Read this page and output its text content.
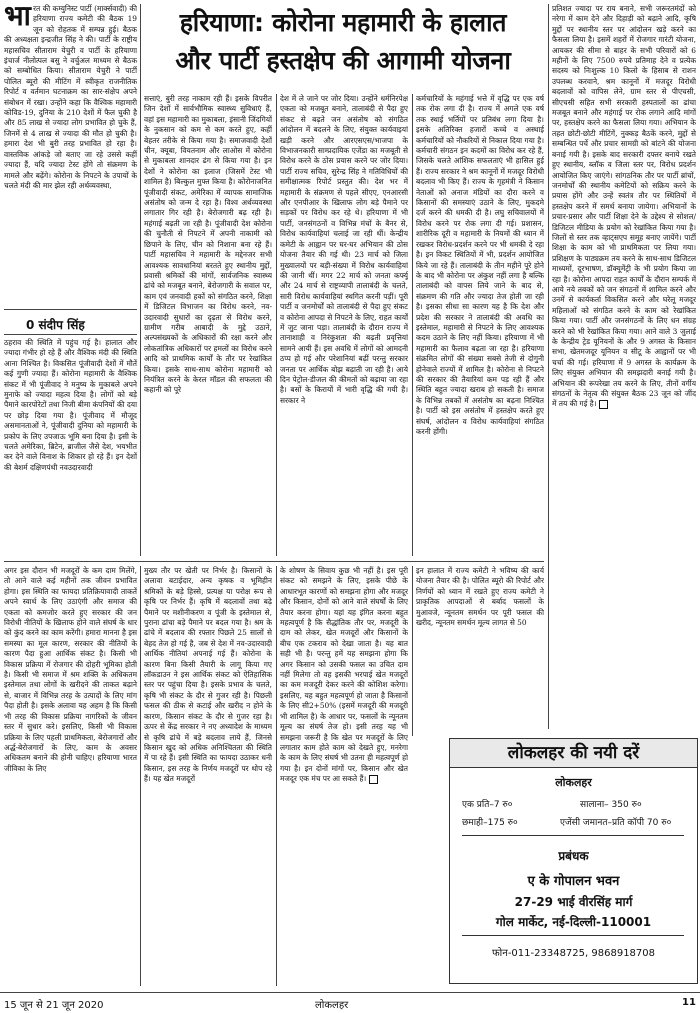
हरियाणा: कोरोना महामारी के हालात
और पार्टी हस्तक्षेप की आगामी योजना
भा रत की कम्युनिस्ट पार्टी (मार्क्सवादी) की हरियाणा राज्य कमेटी की बैठक 19 जून को रोहतक में सम्पन्न हुई। बैठक की अध्यक्षता इन्द्रजीत सिंह ने की। पार्टी के राष्ट्रीय महासचिव सीताराम येचुरी व पार्टी के हरियाणा इंचार्ज नीलोत्पल बसु ने वर्चुअल माध्यम से बैठक को सम्बोधित किया। सीताराम येचुरी ने पार्टी पोलित ब्यूरो की मीटिंग में स्वीकृत राजनीतिक रिपोर्ट व वर्तमान घटनाक्रम का सार-संक्षेप अपने संबोधन में रखा। उन्होंने कहा कि वैश्विक महामारी कोविड-19, दुनिया के 210 देशों में फैल चुकी है और 85 लाख से ज्यादा लोग प्रभावित हो चुके हैं, जिनमें से 4 लाख से ज्यादा की मौत हो चुकी है। हमारा देश भी बुरी तरह प्रभावित हो रहा है। वास्तविक आंकड़े जो बताए जा रहे उससे कहीं ज्यादा हैं, यदि ज्यादा टेस्ट होंगे तो संक्रमण के मामले और बढ़ेंगे। कोरोना के निपटने के उपायों के चलते मंदी की मार झेल रही अर्थव्यवस्था,
0 संदीप सिंह
ठहराव की स्थिति में पहुंच गई है। हालात और ज्यादा गंभीर हो रहे हैं और वैश्विक मंदी की स्थिति आना निश्चित है। विकसित पूंजीवादी देशों में मौतें कई गुणी ज्यादा हैं। कोरोना महामारी के वैश्विक संकट में भी पूंजीवाद ने मनुष्य के मुकाबले अपने मुनाफे को ज्यादा महत्व दिया है। लोगों को बड़े पैमाने कारपोरेटों तथा निजी बीमा कंपनियों की दया पर छोड़ दिया गया है। पूंजीवाद में मौजूद असमानताओं ने, पूंजीवादी दुनिया को महामारी के प्रकोप के लिए उपजाऊ भूमि बना दिया है। इसी के चलते अमेरिका, ब्रिटेन, ब्राजील जैसे देश, भयभीत कर देने वाले विनाश के शिकार हो रहे हैं। इन देशों की बेशर्म दक्षिणपंथी नवउदारवादी
सत्ताएं, बुरी तरह नाकाम रही हैं। इसके विपरीत जिन देशों में सार्वभौमिक स्वास्थ्य सुविधाएं हैं, वहां इस महामारी का मुकाबला, इंसानी जिंदगियों के नुकसान को कम से कम करते हुए, कहीं बेहतर तरीके से किया गया है। समाजवादी देशों चीन, क्यूबा, वियतनाम और लाओस में कोरोना से मुकाबला शानदार ढंग से किया गया है। इन देशों ने कोरोना का इलाज (जिसमें टेस्ट भी शामिल है) बिल्कुल मुफ्त किया है। कोरोनाजनित पूंजीवादी संकट, अमेरिका में व्यापक सामाजिक असंतोष को जन्म दे रहा है। विश्व अर्थव्यवस्था लगातार गिर रही है। बेरोजगारी बढ़ रही है। महंगाई बढ़ती जा रही है। पूंजीवादी देश कोरोना की चुनौती से निपटने में अपनी नाकामी को छिपाने के लिए, चीन को निशाना बना रहे हैं। पार्टी महासचिव ने महामारी के मद्देनजर सभी आवश्यक सावधानियां बरतते हुए स्थानीय मुद्दों, प्रवासी श्रमिकों की मांगों, सार्वजनिक स्वास्थ्य ढांचे को मजबूत बनाने, बेरोजगारी के सवाल पर, काम एवं जनवादी हकों को संगठित करने, शिक्षा में डिजिटल विभाजन का विरोध करने, नव-उदारवादी सुधारों का दृढ़ता से विरोध करने, ग्रामीण गरीब आबादी के मुद्दे उठाने, अल्पसंख्यकों के अधिकारों की रक्षा करने और लोकतांत्रिक अधिकारों पर हमलों का विरोध करने आदि को प्राथमिक कार्यों के तौर पर रेखांकित किया। इसके साथ-साथ कोरोना महामारी को नियंत्रित करने के केरल मॉडल की सफलता की कहानी को पूरे
देश में ले जाने पर जोर दिया। उन्होंने धर्मनिरपेक्ष एकता को मजबूत बनाने, तालाबंदी से पैदा हुए संकट से बढ़ते जन असंतोष को संगठित आंदोलन में बदलने के लिए, संयुक्त कार्यवाइयां खड़ी करने और आरएसएस/भाजपा के विभाजनकारी साम्प्रदायिक एजेंडा का मजबूती से विरोध करने के ठोस प्रयास करने पर जोर दिया। पार्टी राज्य सचिव, सुरेन्द्र सिंह ने गतिविधियों की समीक्षात्मक रिपोर्ट प्रस्तुत की। देश भर में महामारी के संक्रमण से पहले सीएए, एनआरसी और एनपीआर के खिलाफ लोग बड़े पैमाने पर सड़कों पर विरोध कर रहे थे। हरियाणा में भी पार्टी, जनसंगठनों व विभिन्न मंचों के बैनर से, विरोध कार्यवाहियां चलाई जा रही थीं। केन्द्रीय कमेटी के आह्वान पर घर-घर अभियान की ठोस योजना तैयार की गई थी। 23 मार्च को जिला मुख्यालयों पर बड़ी-संख्या में विरोध कार्यवाहियां की जानी थीं। मगर 22 मार्च को जनता कर्फ्यू और 24 मार्च से राष्ट्रव्यापी तालाबंदी के चलते, सारी विरोध कार्यवाहियां स्थगित करनी पड़ीं। पूरी पार्टी व जनमोर्चों को तालाबंदी से पैदा हुए संकट व कोरोना आपदा से निपटने के लिए, राहत कार्यों में जुट जाना पड़ा। तालाबंदी के दौरान राज्य में तानाशाही व निरंकुशता की बढ़ती प्रवृत्तियां सामने आयी हैं। इस अवधि में लोगों को आमदनी ठप्प हो गई और परेशानियां बढ़ीं परन्तु सरकार जनता पर आर्थिक बोझ बढ़ाती जा रही है। आये दिन पेट्रोल-डीजल की कीमतों को बढ़ाया जा रहा है। बसों के किरायों में भारी वृद्धि की गयी है। सरकार ने
कर्मचारियों के महंगाई भत्ते में वृद्धि पर एक वर्ष तक रोक लगा दी है। राज्य में अगले एक वर्ष तक स्थाई भर्तियों पर प्रतिबंध लगा दिया है। इसके अतिरिक्त हजारों कच्चे व अस्थाई कर्मचारियों को नौकरियों से निकाल दिया गया है। कर्मचारी संगठन इन कदमों का विरोध कर रहे हैं, जिसके चलते आंशिक सफलताएं भी हासिल हुई हैं। राज्य सरकार ने श्रम कानूनों में मजदूर विरोधी बदलाव भी किए हैं। राज्य के गृहमंत्री ने किसान नेताओं को अनाज मंडियों का दौरा करने व किसानों की समस्याएं उठाने के लिए, मुकदमे दर्ज करने की धमकी दी है। लघु सचिवालयों में विरोध करने पर रोक लगा दी गई। प्रशासन, शारीरिक दूरी व महामारी के नियमों की ध्यान में रखकर विरोध-प्रदर्शन करने पर भी धमकी दे रहा है। इन विकट स्थितियों में भी, प्रदर्शन आयोजित किये जा रहे हैं। तालाबंदी के तीन महीने पूरे होने के बाद भी कोरोना पर अंकुश नहीं लगा है बल्कि तालाबंदी को वापस लिये जाने के बाद से, संक्रमण की गति और ज्यादा तेज होती जा रही है। इसका सीधा सा कारण यह है कि देश और प्रदेश की सरकार ने तालाबंदी की अवधि का इस्तेमाल, महामारी से निपटने के लिए आवश्यक कदम उठाने के लिए नहीं किया। हरियाणा में भी महामारी का फैलाव बढ़ता जा रहा है। हरियाणा संक्रमित लोगों की संख्या सबसे तेजी से दोगुनी होनेवाले राज्यों में शामिल है। कोरोना से निपटने की सरकार की तैयारियां कम पड़ रही हैं और स्थिति बहुत ज्यादा खराब हो सकती है। समाज के विभिन्न तबकों में असंतोष का बढ़ना निश्चित है। पार्टी को इस असंतोष में हस्तक्षेप करते हुए संघर्ष, आंदोलन व विरोध कार्यवाहियां संगठित करनी होंगी।
प्रतिशत ज्यादा पर राय बनाने, सभी जरूरतमंदों को नरेगा में काम देने और दिहाड़ी को बढ़ाने आदि, कृषि मुद्दों पर स्थानीय स्तर पर आंदोलन खड़े करने का फैसला लिया है। इसमें शहरों में रोजगार गारंटी योजना, आयकर की सीमा से बाहर के सभी परिवारों को 6 महीनों के लिए 7500 रुपये प्रतिमाह देने व प्रत्येक सदस्य को निःशुल्क 10 किलो के हिसाब से राशन उपलब्ध करवाने, श्रम कानूनों में मजदूर विरोधी बदलावों को वापिस लेने, ग्राम स्तर से पीएचसी, सीएचसी सहित सभी सरकारी हस्पतालों का ढांचा मजबूत बनाने और महंगाई पर रोक लगाने आदि मांगों पर, हस्तक्षेप करने का फैसला लिया गया। अभियान के तहत छोटी-छोटी मीटिंगें, नुक्कड़ बैठकें करने, मुद्दों से सम्बन्धित पर्चे और प्रचार सामग्री को बांटने की योजना बनाई गयी है। इसके बाद सरकारी दफ्तर बनाये रखते हुए स्थानीय, ब्लॉक व जिला स्तर पर, विरोध प्रदर्शन आयोजित किए जाएंगे। सांगठनिक तौर पर पार्टी ब्रांचों, जनमोर्चों की स्थानीय कमेटियों को सक्रिय करने के प्रयास होंगे और उन्हें स्वतंत्र तौर पर स्थितियों में हस्तक्षेप करने में समर्थ बनाया जायेगा। अभियानों के प्रचार-प्रसार और पार्टी शिक्षा देने के उद्देश्य से सोशल/डिजिटल मीडिया के प्रयोग को रेखांकित किया गया है। जिलों से स्तर तक व्हाट्सएप समूह बनाए जायेंगे। पार्टी शिक्षा के काम को भी प्राथमिकता पर लिया गया। प्रशिक्षण के पाठ्यक्रम तय करने के साथ-साथ डिजिटल माध्यमों, दूरभाषण, डॉक्यूमेंट्री के भी प्रयोग किया जा रहा है। कोरोना आपदा राहत कार्यों के दौरान सम्पर्क में आये नये तबकों को जन संगठनों में शामिल करने और उनमें से कार्यकर्ता विकसित करने और घरेलू मजदूर महिलाओं को संगठित करने के काम को रेखांकित किया गया। पार्टी और जनसंगठनों के लिए धन संग्रह करने को भी रेखांकित किया गया। आने वाले 3 जुलाई के केन्द्रीय ट्रेड यूनियनों के और 9 अगस्त के किसान सभा, खेतमजदूर यूनियन व सीटू के आह्वानों पर भी चर्चा की गई। हरियाणा में 9 अगस्त के कार्यक्रम के लिए संयुक्त अभियान की समझदारी बनाई गयी है। अभियान की रूपरेखा तय करने के लिए, तीनों वर्गीय संगठनों के नेतृत्व की संयुक्त बैठक 23 जून को जींद में तय की गई है।
अगर इस दौरान भी मजदूरों के कम दाम मिलेंगे, तो आने वाले कई महीनों तक जीवन प्रभावित होगा। इस स्थिति का फायदा प्रतिक्रियावादी ताकतें अपने स्वार्थ के लिए उठाएंगी और समाज की एकता को कमजोर करते हुए सरकार की जन विरोधी नीतियों के खिलाफ होने वाले संघर्ष के धार को कुंद करने का काम करेंगी। हमारा मानना है इस समस्या का मूल कारण, सरकार की नीतियों के कारण पैदा हुआ आर्थिक संकट है। किसी भी विकास प्रक्रिया में रोजगार की दोहरी भूमिका होती है। किसी भी समाज में श्रम शक्ति के अधिकतम इस्तेमाल तथा लोगों के खरीदने की ताकत बढ़ाने से, बाजार में विभिन्न तरह के उत्पादों के लिए मांग पैदा होती है। इसके अलावा यह अहम है कि किसी भी तरह की विकास प्रक्रिया नागरिकों के जीवन स्तर में सुधार करे। इसलिए, किसी भी विकास प्रक्रिया के लिए पहली प्राथमिकता, बेरोजगारों और अर्द्ध-बेरोजगारों के लिए, काम के अवसर अधिकतम बनाने की होनी चाहिए। हरियाणा भारत जीविका के लिए
मुख्य तौर पर खेती पर निर्भर है। किसानों के अलावा बटाईदार, अन्य कृषक व भूमिहीन श्रमिकों के बड़े हिस्से, प्रत्यक्ष या परोक्ष रूप से कृषि पर निर्भर हैं। कृषि में बदलावों तथा बढ़े पैमाने पर मशीनीकरण व पूंजी के इस्तेमाल से, पुराना ढांचा बड़े पैमाने पर बदल गया है। श्रम के ढांचे में बदलाव की रफ्तार पिछले 25 सालों से बेहद तेज हो गई है, जब से देश में नव-उदारवादी आर्थिक नीतियां अपनाई गई हैं। कोरोना के कारण बिना किसी तैयारी के लागू किया गए लॉकडाउन ने इस आर्थिक संकट को ऐतिहासिक स्तर पर पहुंचा दिया है। इसके प्रभाव के चलते, कृषि भी संकट के दौर से गुजर रही है। पिछली फसल की ठीक से कटाई और खरीद न होने के कारण, किसान संकट के दौर से गुजर रहा है। ऊपर से केंद्र सरकार ने नए अध्यादेश के माध्यम से कृषि ढांचे में बड़े बदलाव लाये हैं, जिनसे किसान खुद को अधिक अनिश्चितता की स्थिति में पा रहे हैं। इसी स्थिति का फायदा उठाकर धनी किसान, इस तरह के निर्णय मजदूरों पर थोप रहे हैं। यह खेत मजदूरों
के शोषण के सिवाय कुछ भी नहीं है। इस पूरी संकट को समझने के लिए, इसके पीछे के आधारभूत कारणों को समझना होगा और मजदूर और किसान, दोनों को आने वाले संघर्षों के लिए तैयार करना होगा। यहां यह इंगित करना बहुत महत्वपूर्ण है कि सैद्धांतिक तौर पर, मजदूरी के दाम को लेकर, खेत मजदूरों और किसानों के बीच एक टकराव को देखा जाता है। यह बात सही भी है। परन्तु हमें यह समझना होगा कि अगर किसान को उसकी फसल का उचित दाम नहीं मिलेगा तो वह इसकी भरपाई खेत मजदूरों का कम मजदूरी देकर करने की कोशिश करेगा। इसलिए, यह बहुत महत्वपूर्ण हो जाता है किसानों के लिए सी2+50% (इसमें मजदूरी की मजदूरी भी शामिल है) के आधार पर, फसलों के न्यूनतम मूल्य का संघर्ष तेज हो। इसी तरह यह भी समझना जरूरी है कि खेत पर मजदूरों के लिए लगातार काम होते काम को देखते हुए, मनरेगा के काम के लिए संघर्ष भी उतना ही महत्वपूर्ण हो गया है। इन दोनों मांगों पर, किसान और खेत मजदूर एक मंच पर आ सकते हैं।
इन हालात में राज्य कमेटी ने भविष्य की कार्य योजना तैयार की है। पोलित ब्यूरो की रिपोर्ट और निर्णयों को ध्यान में रखते हुए राज्य कमेटी ने प्राकृतिक आपदाओं से बर्बाद फसलों के मुआवजे, न्यूनतम समर्थन पर पूरी फसल की खरीद, न्यूनतम समर्थन मूल्य लागत से 50
लोकलहर की नयी दरें
लोकलहर
एक प्रति–7 रु०	सालाना– 350 रु०
छमाही–175 रु०	एजेंसी जमानत–प्रति कॉपी 70 रु०
प्रबंधक
ए के गोपालन भवन
27-29 भाई वीरसिंह मार्ग
गोल मार्केट, नई-दिल्ली-110001
फोन-011-23348725, 9868918708
15 जून से 21 जून 2020	लोकलहर	11
